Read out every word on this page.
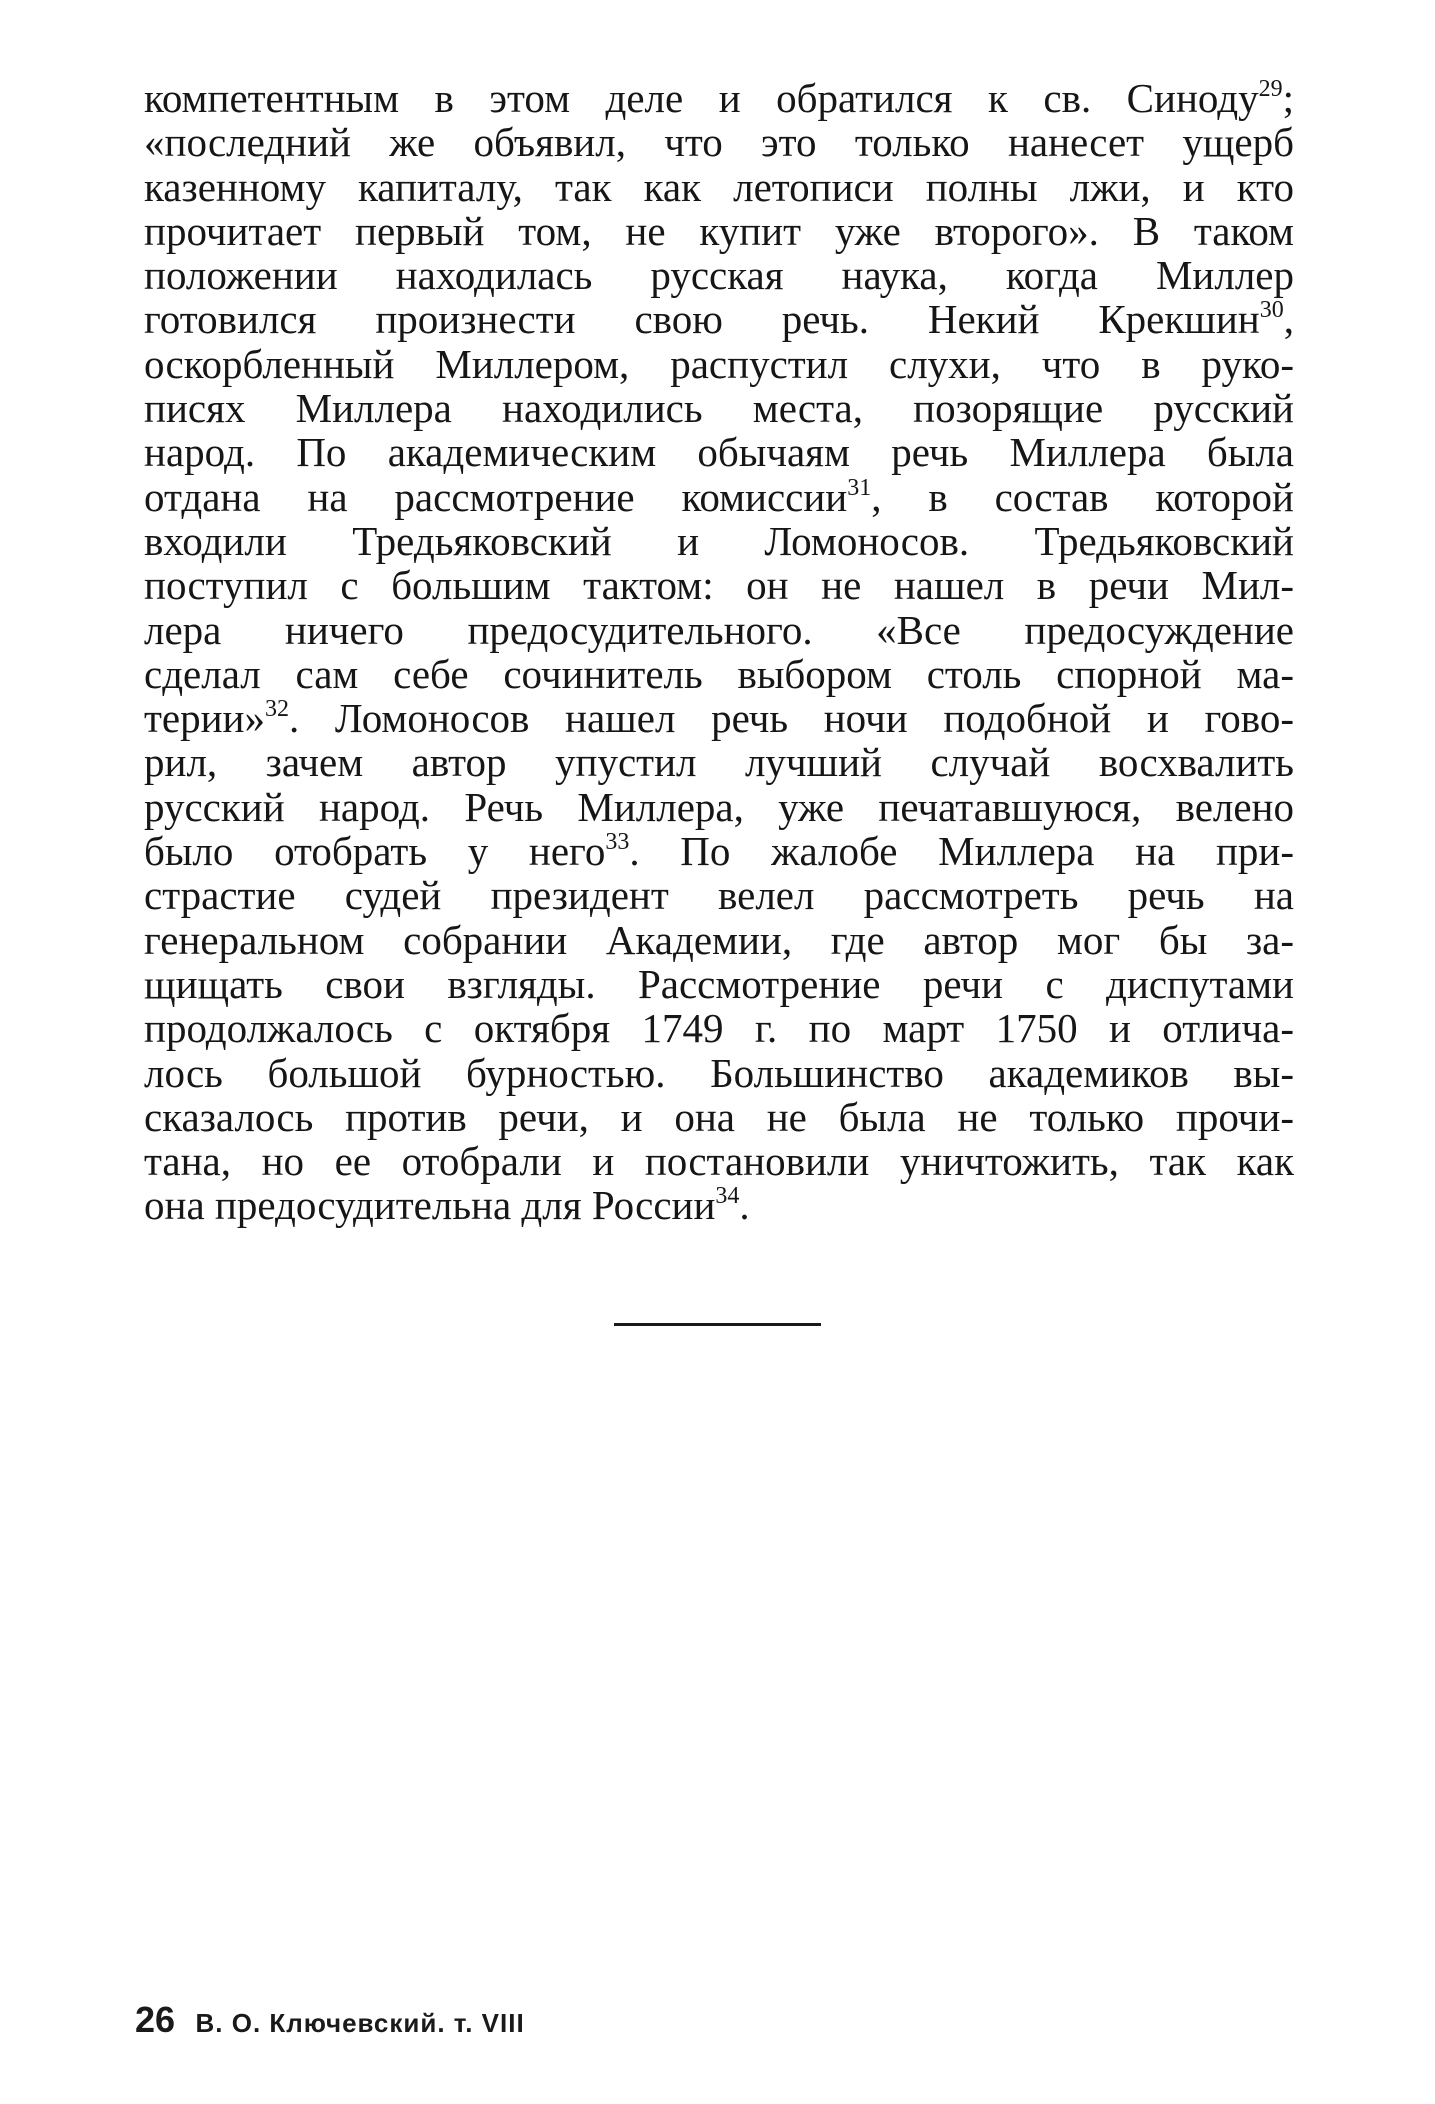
компетентным в этом деле и обратился к св. Синоду$^{29}$;
«последний же объявил, что это только нанесет ущерб
казенному капиталу, так как летописи полны лжи, и кто
прочитает первый том, не купит уже второго». В таком
положении находилась русская наука, когда Миллер
готовился произнести свою речь. Некий Крекшин$^{30}$,
оскорбленный Миллером, распустил слухи, что в руко-
писях Миллера находились места, позорящие русский
народ. По академическим обычаям речь Миллера была
отдана на рассмотрение комиссии$^{31}$, в состав которой
входили Тредьяковский и Ломоносов. Тредьяковский
поступил с большим тактом: он не нашел в речи Мил-
лера ничего предосудительного. «Все предосуждение
сделал сам себе сочинитель выбором столь спорной ма-
терии»$^{32}$. Ломоносов нашел речь ночи подобной и гово-
рил, зачем автор упустил лучший случай восхвалить
русский народ. Речь Миллера, уже печатавшуюся, велено
было отобрать у него$^{33}$. По жалобе Миллера на при-
страстие судей президент велел рассмотреть речь на
генеральном собрании Академии, где автор мог бы за-
щищать свои взгляды. Рассмотрение речи с диспутами
продолжалось с октября 1749 г. по март 1750 и отлича-
лось большой бурностью. Большинство академиков вы-
сказалось против речи, и она не была не только прочи-
тана, но ее отобрали и постановили уничтожить, так как
она предосудительна для России$^{34}$.
26 В. О. Ключевский. т. VIII
